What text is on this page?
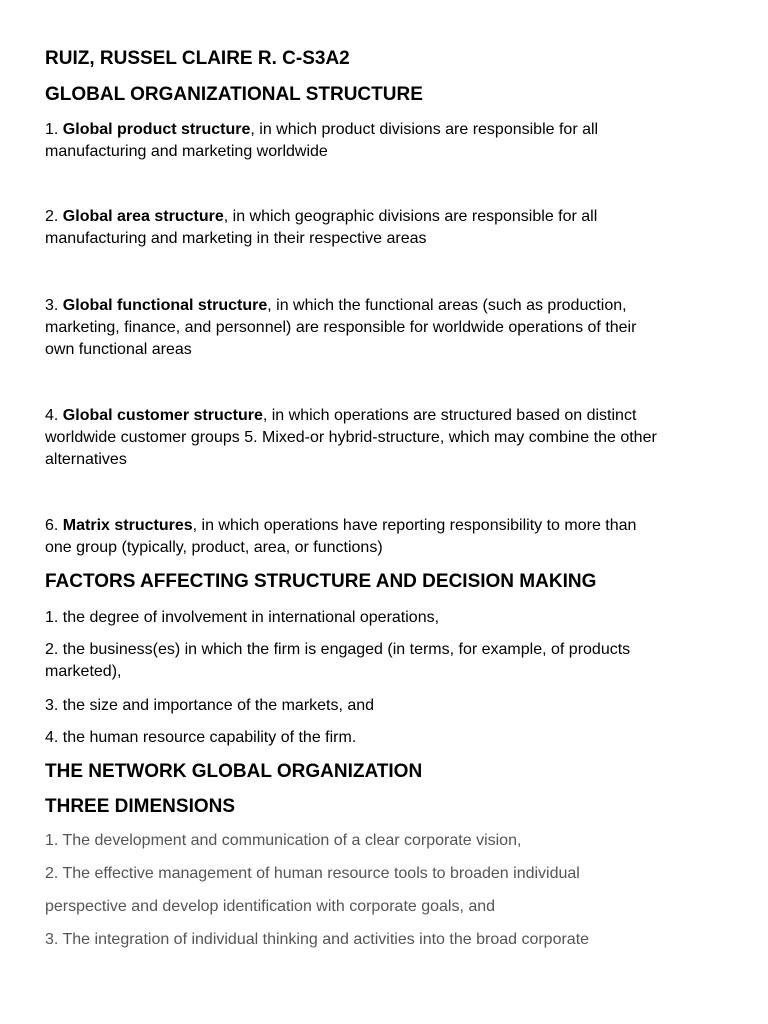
RUIZ, RUSSEL CLAIRE R. C-S3A2
GLOBAL ORGANIZATIONAL STRUCTURE
1. Global product structure, in which product divisions are responsible for all
manufacturing and marketing worldwide
2. Global area structure, in which geographic divisions are responsible for all
manufacturing and marketing in their respective areas
3. Global functional structure, in which the functional areas (such as production,
marketing, finance, and personnel) are responsible for worldwide operations of their
own functional areas
4. Global customer structure, in which operations are structured based on distinct
worldwide customer groups 5. Mixed-or hybrid-structure, which may combine the other
alternatives
6. Matrix structures, in which operations have reporting responsibility to more than
one group (typically, product, area, or functions)
FACTORS AFFECTING STRUCTURE AND DECISION MAKING
1. the degree of involvement in international operations,
2. the business(es) in which the firm is engaged (in terms, for example, of products
marketed),
3. the size and importance of the markets, and
4. the human resource capability of the firm.
THE NETWORK GLOBAL ORGANIZATION
THREE DIMENSIONS
1. The development and communication of a clear corporate vision,
2. The effective management of human resource tools to broaden individual
perspective and develop identification with corporate goals, and
3. The integration of individual thinking and activities into the broad corporate
